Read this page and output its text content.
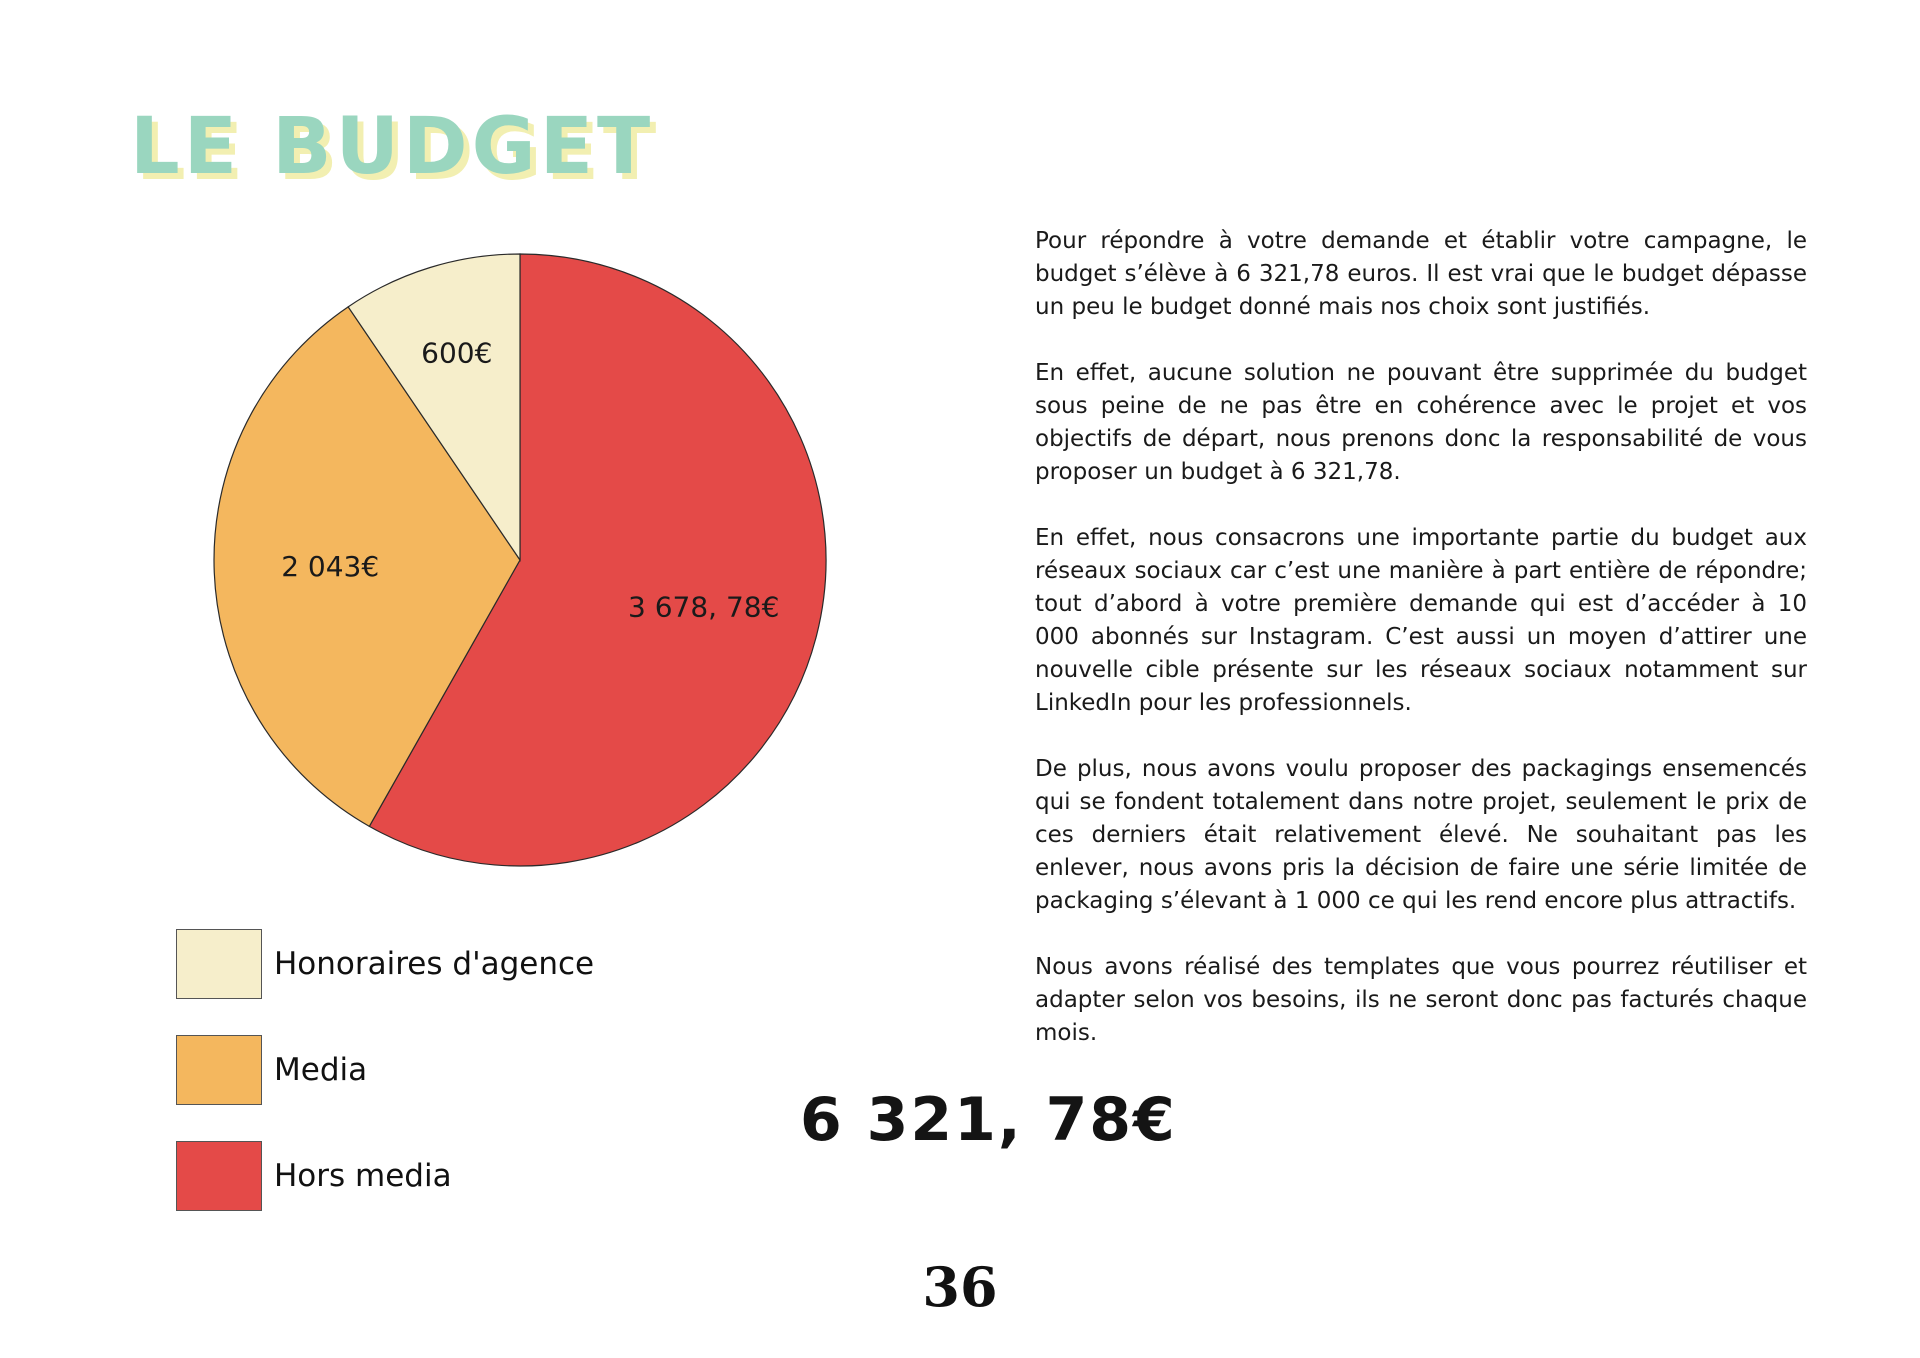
LE BUDGET
3 678, 78€
2 043€
600€
Honoraires d'agence
Media
Hors media

Pour répondre à votre demande et établir votre campagne, le budget s’élève à 6 321,78 euros. Il est vrai que le budget dépasse un peu le budget donné mais nos choix sont justifiés.

En effet, aucune solution ne pouvant être supprimée du budget sous peine de ne pas être en cohérence avec le projet et vos objectifs de départ, nous prenons donc la responsabilité de vous proposer un budget à 6 321,78.

En effet, nous consacrons une importante partie du budget aux réseaux sociaux car c’est une manière à part entière de répondre; tout d’abord à votre première demande qui est d’accéder à 10 000 abonnés sur Instagram. C’est aussi un moyen d’attirer une nouvelle cible présente sur les réseaux sociaux notamment sur LinkedIn pour les professionnels.

De plus, nous avons voulu proposer des packagings ensemencés qui se fondent totalement dans notre projet, seulement le prix de ces derniers était relativement élevé. Ne souhaitant pas les enlever, nous avons pris la décision de faire une série limitée de packaging s’élevant à 1 000 ce qui les rend encore plus attractifs.

Nous avons réalisé des templates que vous pourrez réutiliser et adapter selon vos besoins, ils ne seront donc pas facturés chaque mois.

6 321, 78€
36
